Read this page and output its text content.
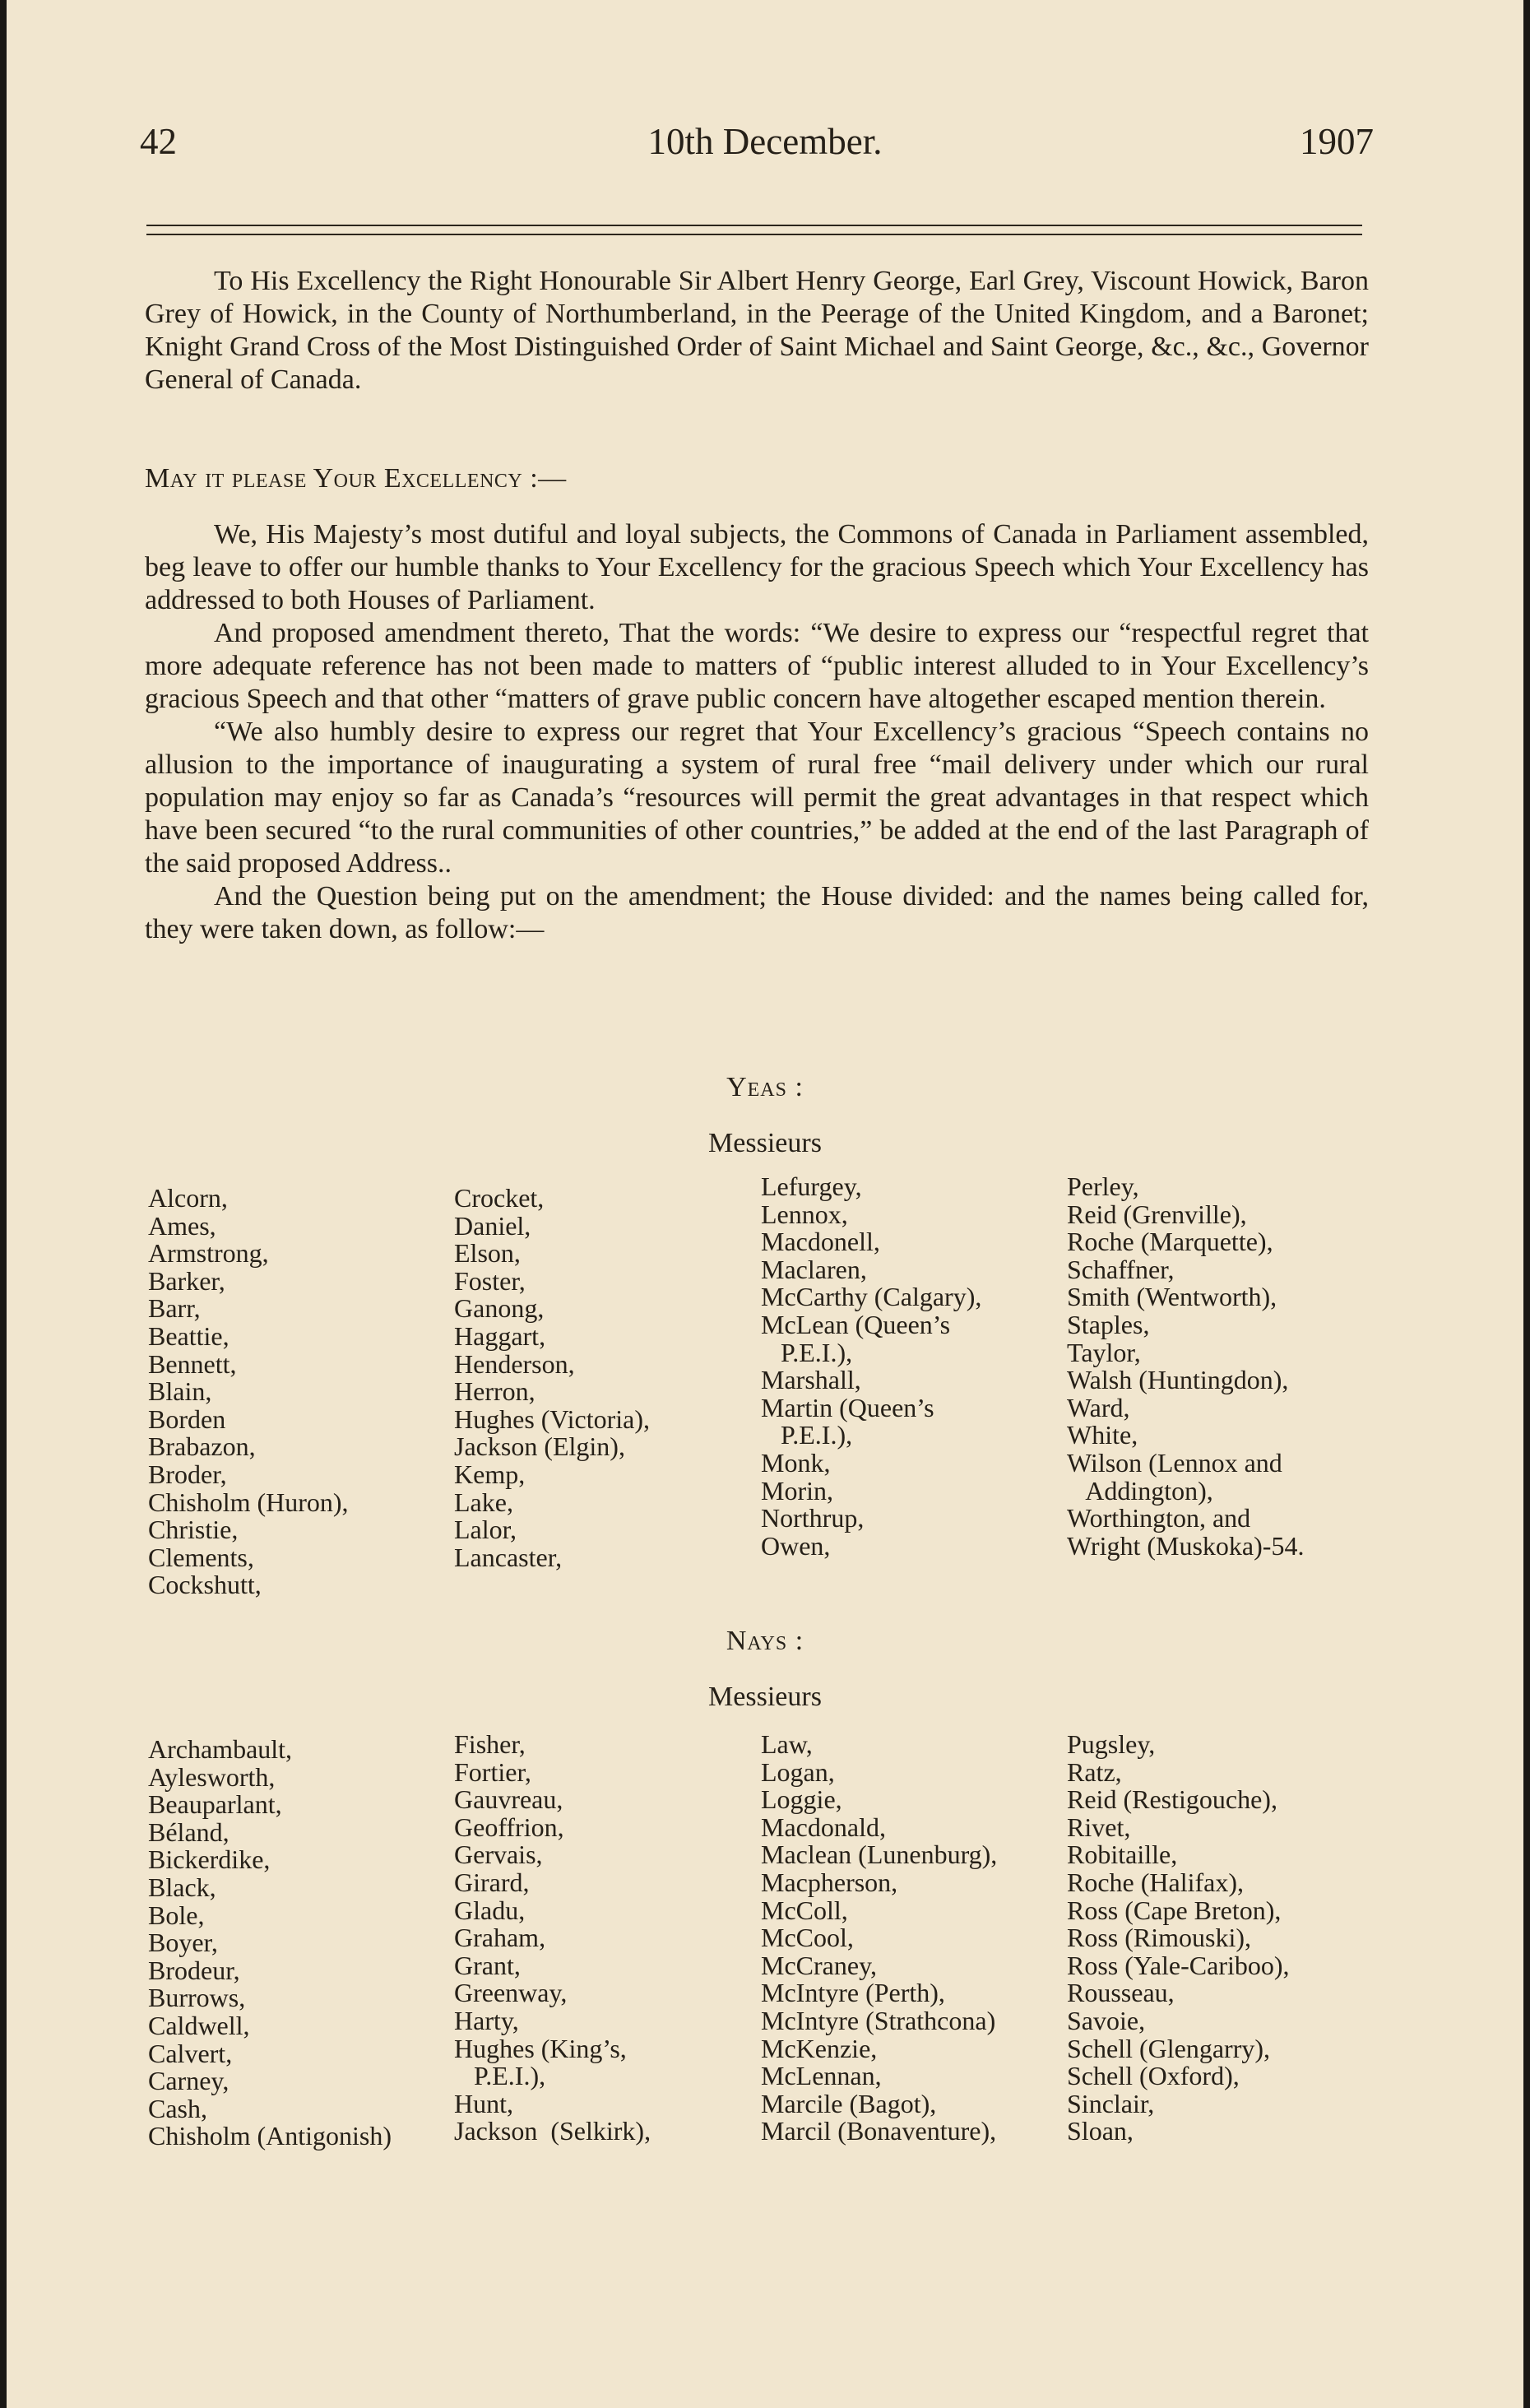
42	10th December.	1907

To His Excellency the Right Honourable Sir Albert Henry George, Earl Grey, Viscount Howick, Baron Grey of Howick, in the County of Northumberland, in the Peerage of the United Kingdom, and a Baronet; Knight Grand Cross of the Most Distinguished Order of Saint Michael and Saint George, &c., &c., Governor General of Canada.

May it please Your Excellency :—

We, His Majesty’s most dutiful and loyal subjects, the Commons of Canada in Parliament assembled, beg leave to offer our humble thanks to Your Excellency for the gracious Speech which Your Excellency has addressed to both Houses of Parliament.

And proposed amendment thereto, That the words: “We desire to express our “respectful regret that more adequate reference has not been made to matters of “public interest alluded to in Your Excellency’s gracious Speech and that other “matters of grave public concern have altogether escaped mention therein.

“We also humbly desire to express our regret that Your Excellency’s gracious “Speech contains no allusion to the importance of inaugurating a system of rural free “mail delivery under which our rural population may enjoy so far as Canada’s “resources will permit the great advantages in that respect which have been secured “to the rural communities of other countries,” be added at the end of the last Paragraph of the said proposed Address..

And the Question being put on the amendment; the House divided: and the names being called for, they were taken down, as follow:—

Yeas :
Messieurs
Alcorn,
Ames,
Armstrong,
Barker,
Barr,
Beattie,
Bennett,
Blain,
Borden
Brabazon,
Broder,
Chisholm (Huron),
Christie,
Clements,
Cockshutt,
Crocket,
Daniel,
Elson,
Foster,
Ganong,
Haggart,
Henderson,
Herron,
Hughes (Victoria),
Jackson (Elgin),
Kemp,
Lake,
Lalor,
Lancaster,
Lefurgey,
Lennox,
Macdonell,
Maclaren,
McCarthy (Calgary),
McLean (Queen’s
P.E.I.),
Marshall,
Martin (Queen’s
P.E.I.),
Monk,
Morin,
Northrup,
Owen,
Perley,
Reid (Grenville),
Roche (Marquette),
Schaffner,
Smith (Wentworth),
Staples,
Taylor,
Walsh (Huntingdon),
Ward,
White,
Wilson (Lennox and
Addington),
Worthington, and
Wright (Muskoka)-54.
Nays :
Messieurs
Archambault,
Aylesworth,
Beauparlant,
Béland,
Bickerdike,
Black,
Bole,
Boyer,
Brodeur,
Burrows,
Caldwell,
Calvert,
Carney,
Cash,
Chisholm (Antigonish)
Fisher,
Fortier,
Gauvreau,
Geoffrion,
Gervais,
Girard,
Gladu,
Graham,
Grant,
Greenway,
Harty,
Hughes (King’s,
P.E.I.),
Hunt,
Jackson  (Selkirk),
Law,
Logan,
Loggie,
Macdonald,
Maclean (Lunenburg),
Macpherson,
McColl,
McCool,
McCraney,
McIntyre (Perth),
McIntyre (Strathcona)
McKenzie,
McLennan,
Marcile (Bagot),
Marcil (Bonaventure),
Pugsley,
Ratz,
Reid (Restigouche),
Rivet,
Robitaille,
Roche (Halifax),
Ross (Cape Breton),
Ross (Rimouski),
Ross (Yale-Cariboo),
Rousseau,
Savoie,
Schell (Glengarry),
Schell (Oxford),
Sinclair,
Sloan,
